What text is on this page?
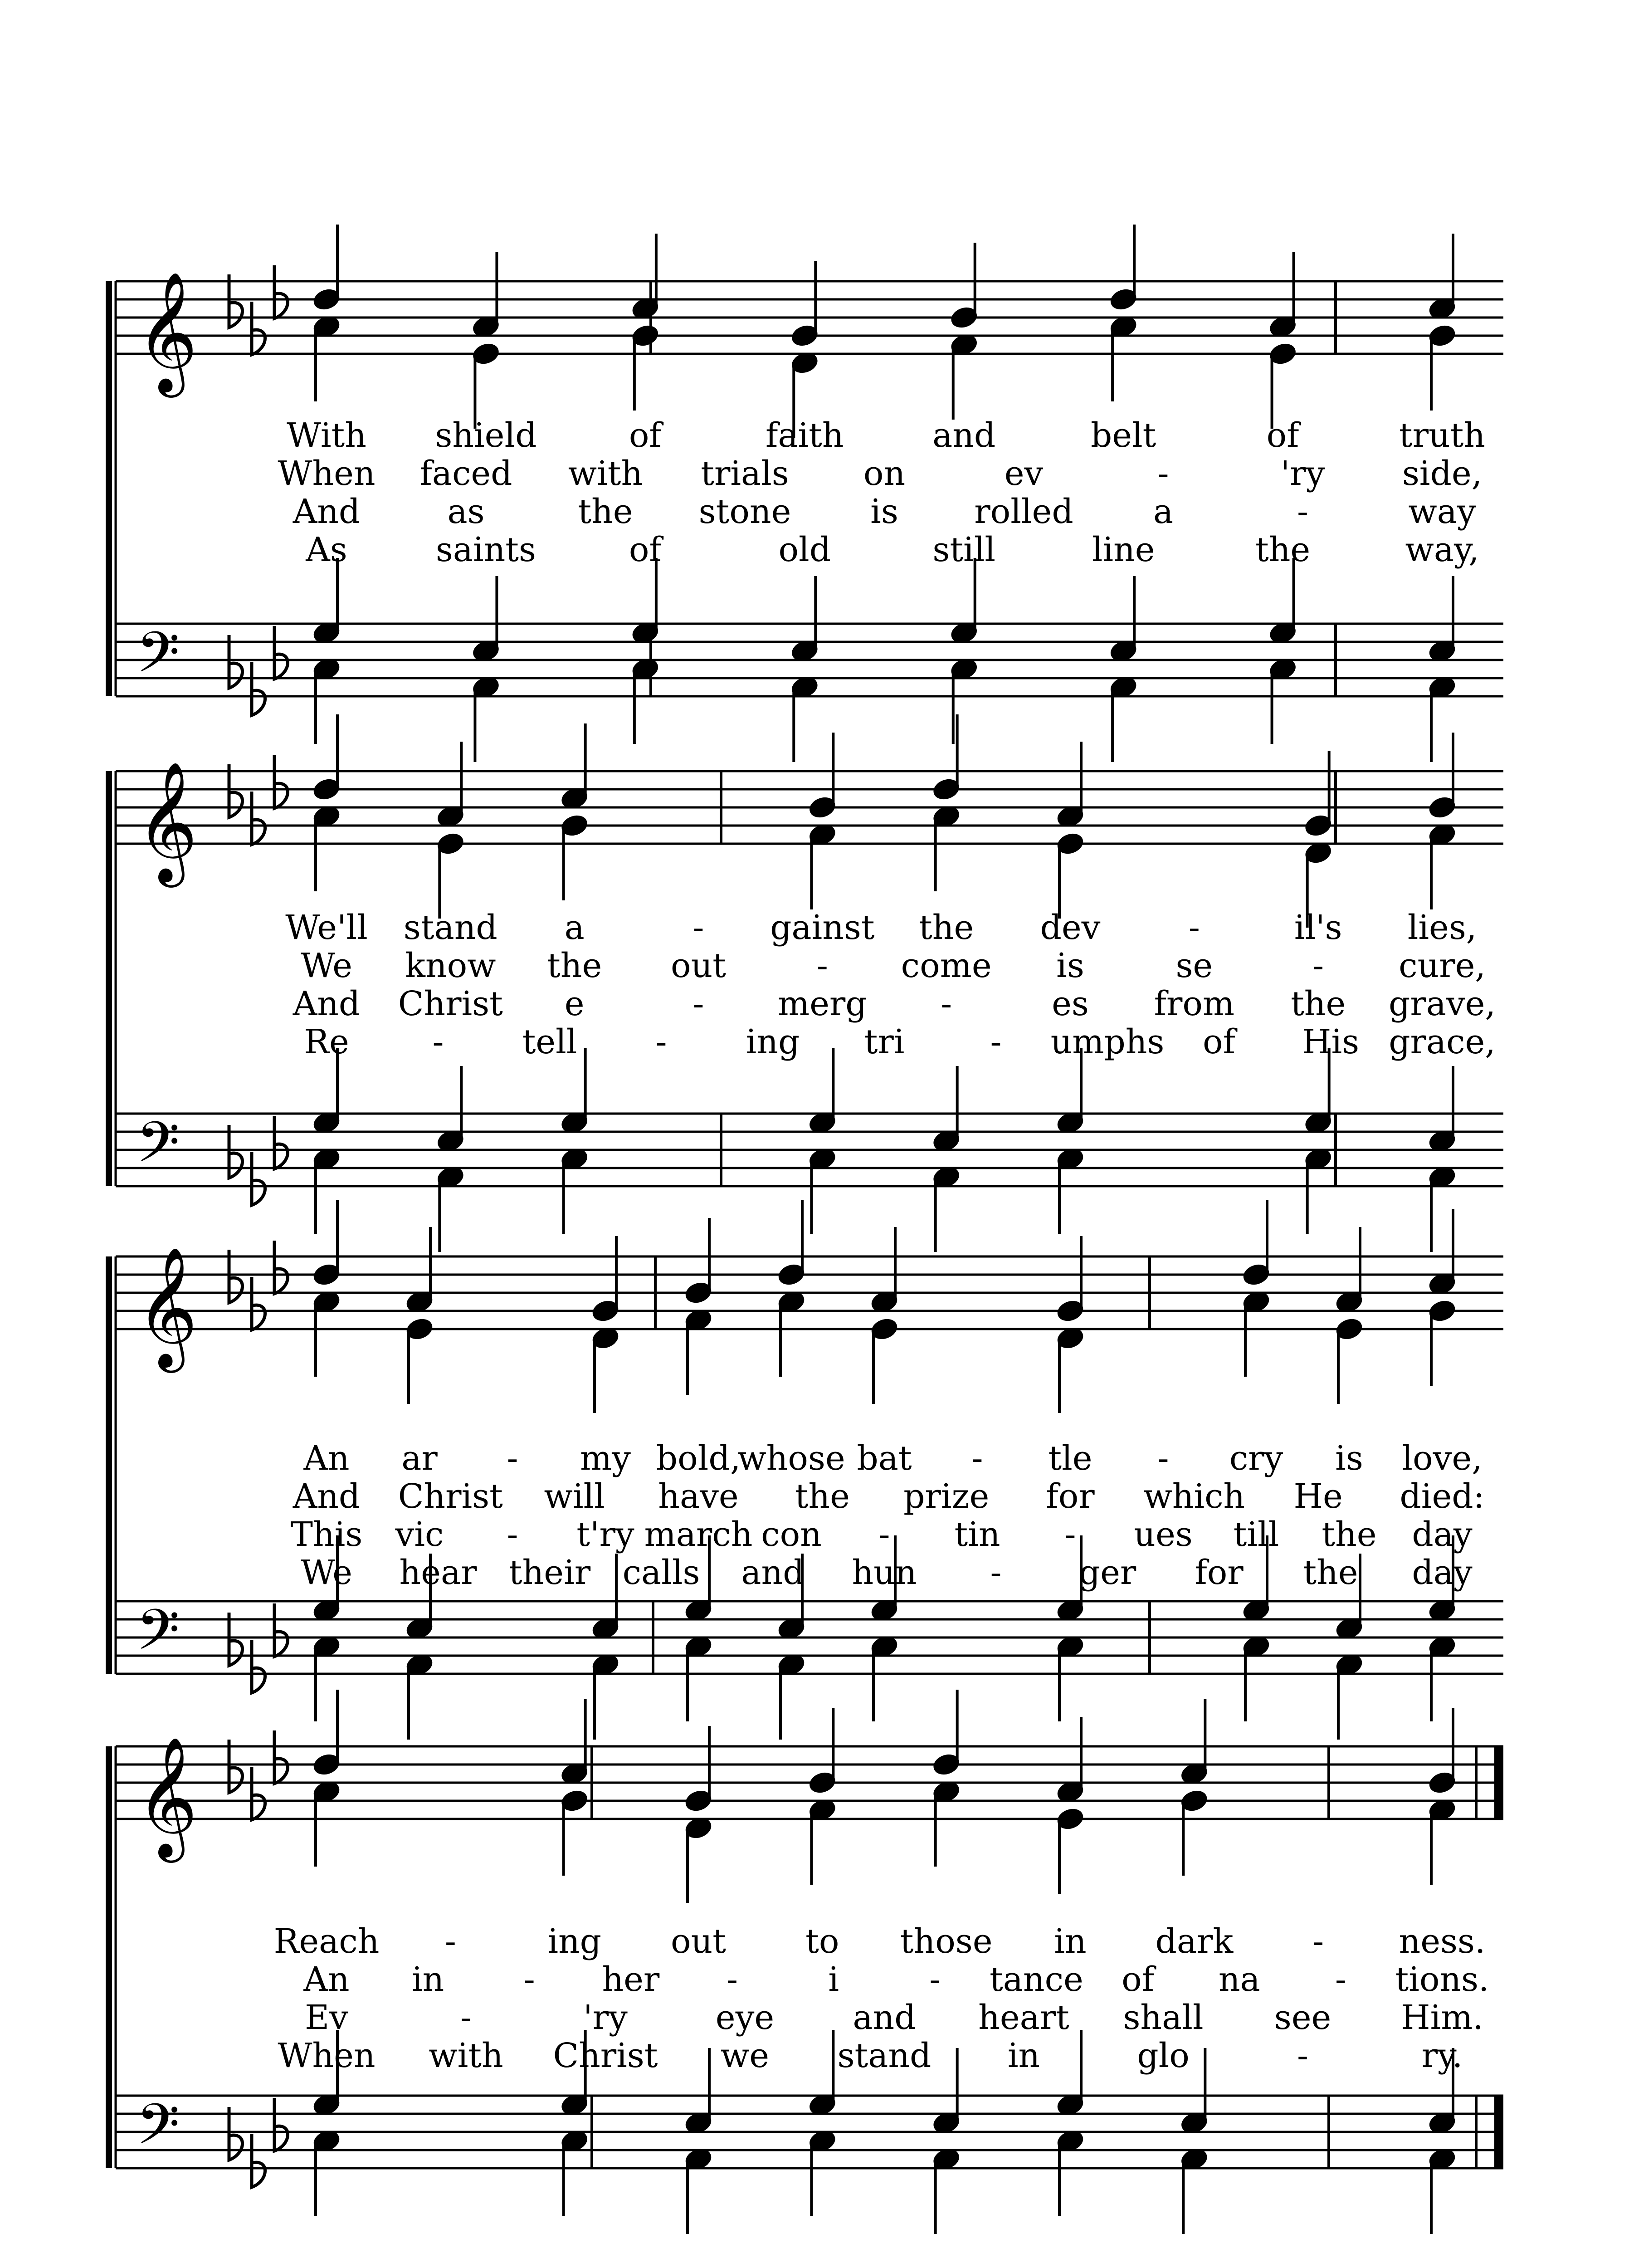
𝄞
𝄢
With shield	of	faith	and	belt	of	truth
When faced with trials on	ev	-	'ry side,
And	as	the stone is rolled a	-	way
As	saints	of	old	still	line	the	way,
𝄞
𝄢
We'll stand a	- gainst the dev	-	il's lies,
We know the out	- come is	se	- cure,
And Christ e	- merg -	es from the grave,
Re - tell - ing tri	- umphs of His grace,
𝄞
𝄢
An ar - my bold,
whose bat - tle - cry is love,
And Christ will have the prize for which He died:
This vic - t'ry march con - tin - ues till the day
We hear their calls and hun - ger for the day
𝄞
𝄢
Reach -	ing out to those in dark - ness.
An in - her -	i	- tance of na - tions.
Ev	-	'ry	eye and heart shall see Him.
When with Christ we stand in	glo	-	ry.
